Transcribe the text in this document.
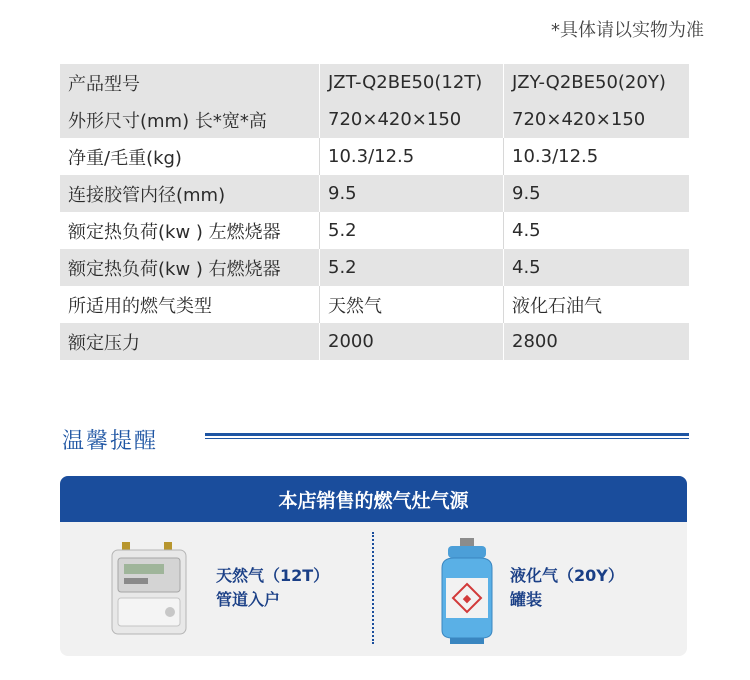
*具体请以实物为准
产品型号	JZT-Q2BE50(12T)	JZY-Q2BE50(20Y)
外形尺寸(mm) 长*宽*高	720×420×150	720×420×150
净重/毛重(kg)	10.3/12.5	10.3/12.5
连接胶管内径(mm)	9.5	9.5
额定热负荷(kw ) 左燃烧器	5.2	4.5
额定热负荷(kw ) 右燃烧器	5.2	4.5
所适用的燃气类型	天然气	液化石油气
额定压力	2000	2800
温馨提醒
本店销售的燃气灶气源
天然气（12T）
管道入户	◆
液化气（20Y）
罐装
